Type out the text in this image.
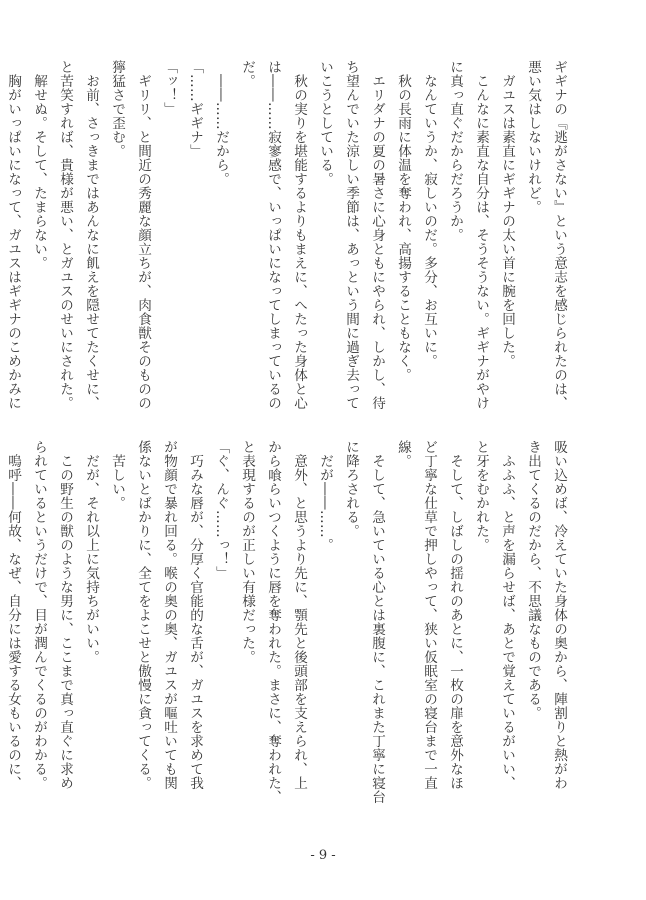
ギギナの『逃がさない』という意志を感じられたのは、
悪い気はしないけれど。
　ガユスは素直にギギナの太い首に腕を回した。
　こんなに素直な自分は、そうそうない。ギギナがやけ
に真っ直ぐだからだろうか。
　なんていうか、寂しいのだ。多分、お互いに。
　秋の長雨に体温を奪われ、高揚することもなく。
　エリダナの夏の暑さに心身ともにやられ、しかし、待
ち望んでいた涼しい季節は、あっという間に過ぎ去って
いこうとしている。
　秋の実りを堪能するよりもまえに、へたった身体と心
は――……寂寥感で、いっぱいになってしまっているの
だ。
　――……だから。
「……ギギナ」
「ッ！」
　ギリリ、と間近の秀麗な顔立ちが、肉食獣そのものの
獰猛さで歪む。
　お前、さっきまではあんなに飢えを隠せてたくせに、
と苦笑すれば、貴様が悪い、とガユスのせいにされた。
　解せぬ。そして、たまらない。
　胸がいっぱいになって、ガユスはギギナのこめかみに
吸い込めば、冷えていた身体の奥から、陣割りと熱がわ
き出てくるのだから、不思議なものである。
　ふふふ、と声を漏らせば、あとで覚えているがいい、
と牙をむかれた。
　そして、しばしの揺れのあとに、一枚の扉を意外なほ
ど丁寧な仕草で押しやって、狭い仮眠室の寝台まで一直
線。
　そして、急いている心とは裏腹に、これまた丁寧に寝台
に降ろされる。
　だが――……。
　意外、と思うより先に、顎先と後頭部を支えられ、上
から喰らいつくように唇を奪われた。まさに、奪われた、
と表現するのが正しい有様だった。
「ぐ、んぐ……っ！」
　巧みな唇が、分厚く官能的な舌が、ガユスを求めて我
が物顔で暴れ回る。喉の奥の奥、ガユスが嘔吐いても関
係ないとばかりに、全てをよこせと傲慢に貪ってくる。
　苦しい。
　だが、それ以上に気持ちがいい。
　この野生の獣のような男に、ここまで真っ直ぐに求め
られているというだけで、目が潤んでくるのがわかる。
　嗚呼――何故、なぜ、自分には愛する女もいるのに、
- 9 -
